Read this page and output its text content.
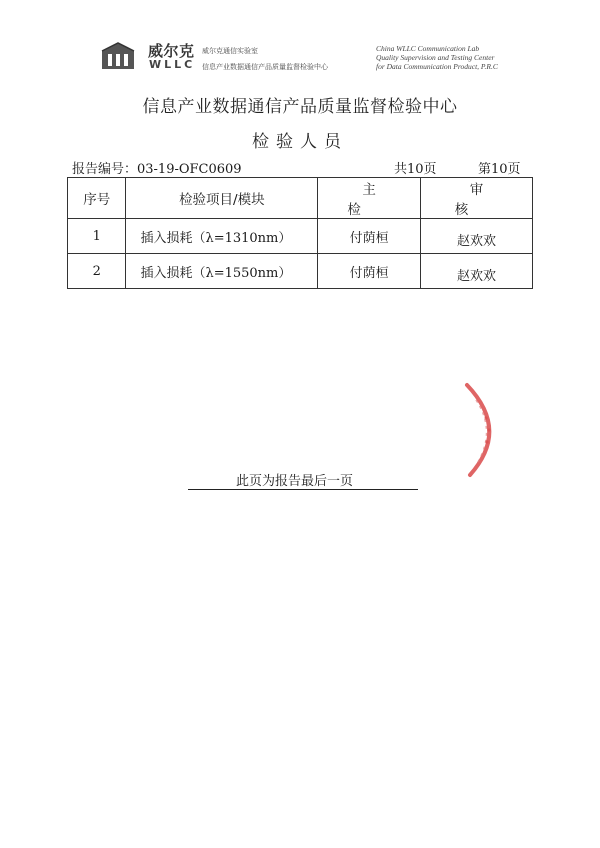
威尔克
WLLC
威尔克通信实验室
信息产业数据通信产品质量监督检验中心
China WLLC Communication Lab
Quality Supervision and Testing Center
for Data Communication Product, P.R.C
信息产业数据通信产品质量监督检验中心
检验人员
报告编号：03-19-OFC0609	共10页	第10页
序号	检验项目/模块	主检	审核
1	插入损耗（λ=1310nm）	付荫桓	赵欢欢
2	插入损耗（λ=1550nm）	付荫桓	赵欢欢
此页为报告最后一页
